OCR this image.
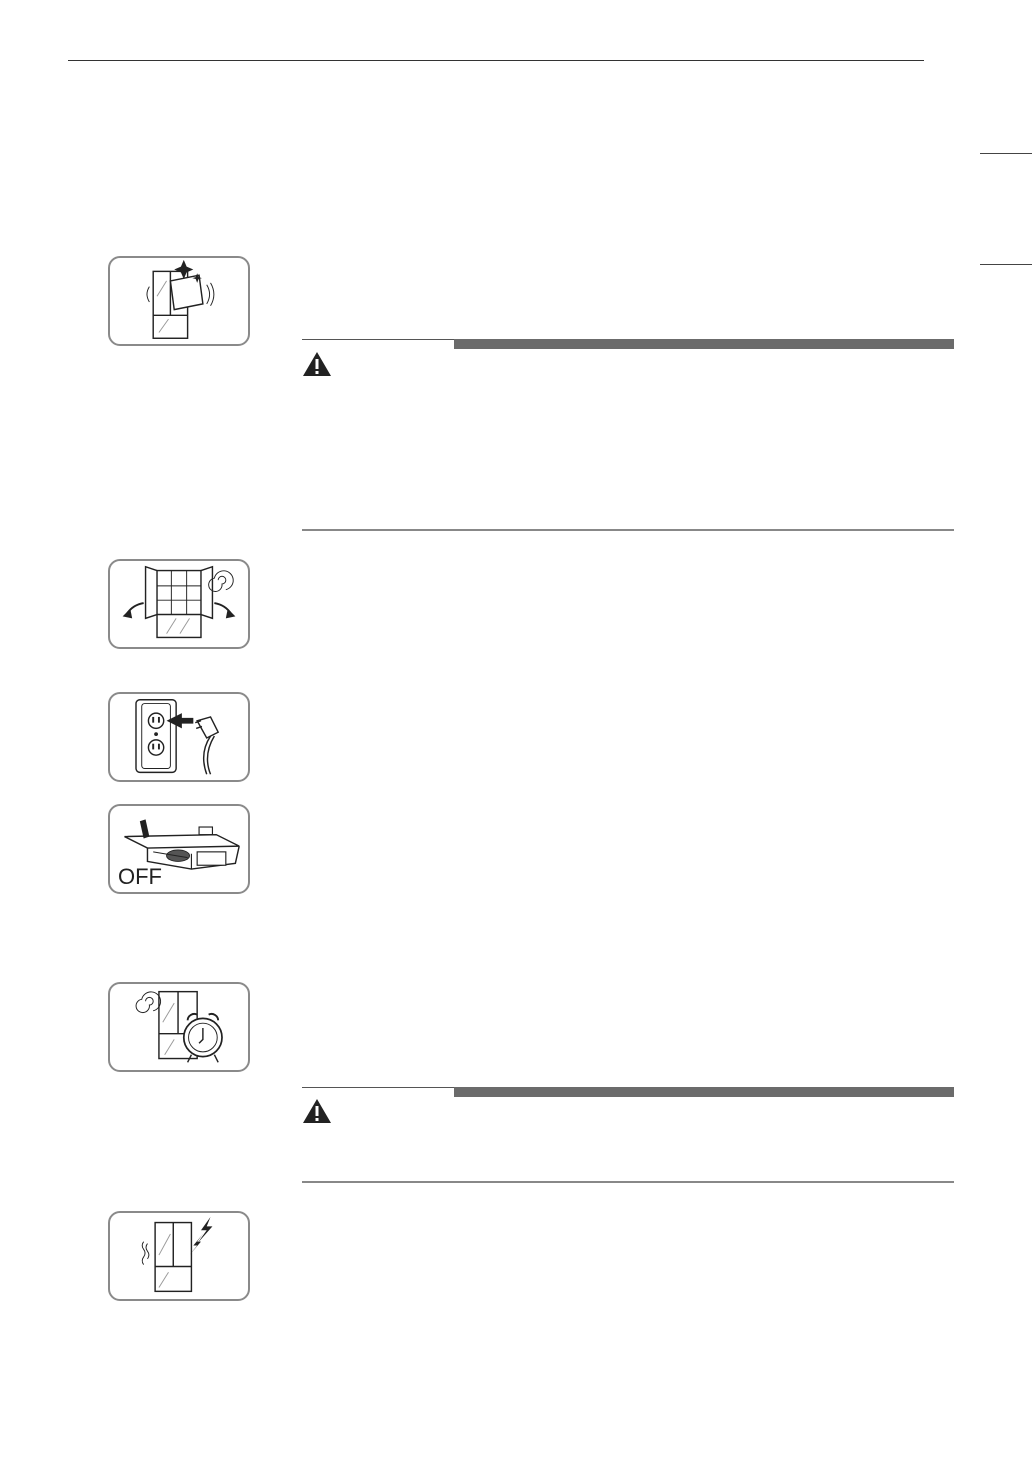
OFF
